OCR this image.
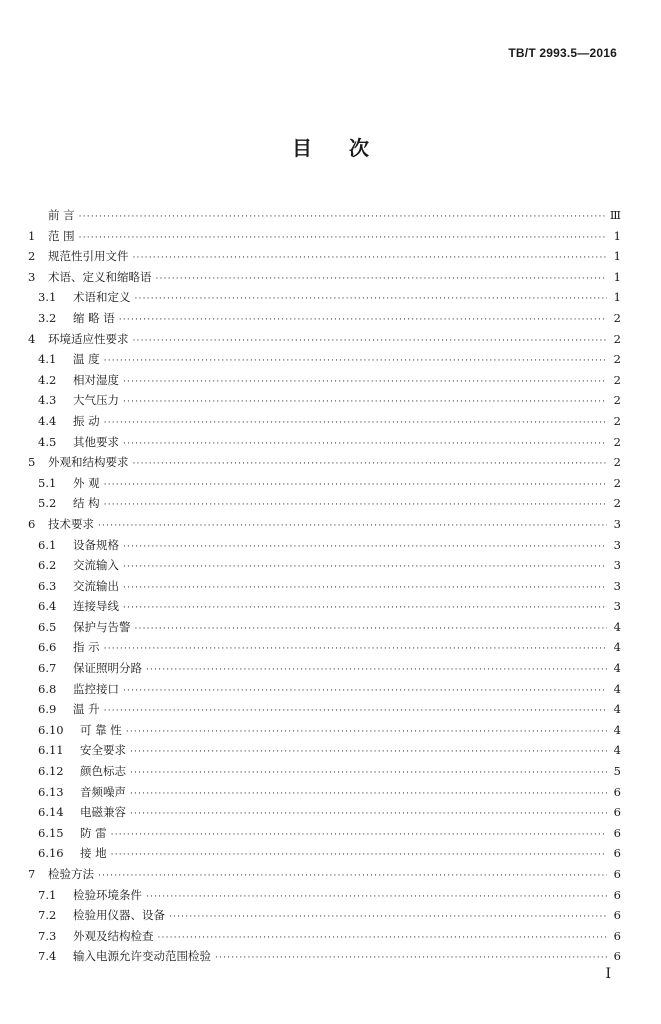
TB/T 2993.5—2016
目 次
前 言 ·····	Ⅲ
1	范 围 ·····	1
2	规范性引用文件 ·····	1
3	术语、定义和缩略语 ·····	1
3.1	术语和定义 ·····	1
3.2	缩 略 语 ·····	2
4	环境适应性要求 ·····	2
4.1	温 度 ·····	2
4.2	相对湿度 ·····	2
4.3	大气压力 ·····	2
4.4	振 动 ·····	2
4.5	其他要求 ·····	2
5	外观和结构要求 ·····	2
5.1	外 观 ·····	2
5.2	结 构 ·····	2
6	技术要求 ·····	3
6.1	设备规格 ·····	3
6.2	交流输入 ·····	3
6.3	交流输出 ·····	3
6.4	连接导线 ·····	3
6.5	保护与告警 ·····	4
6.6	指 示 ·····	4
6.7	保证照明分路 ·····	4
6.8	监控接口 ·····	4
6.9	温 升 ·····	4
6.10	可 靠 性 ·····	4
6.11	安全要求 ·····	4
6.12	颜色标志 ·····	5
6.13	音频噪声 ·····	6
6.14	电磁兼容 ·····	6
6.15	防 雷 ·····	6
6.16	接 地 ·····	6
7	检验方法 ·····	6
7.1	检验环境条件 ·····	6
7.2	检验用仪器、设备 ·····	6
7.3	外观及结构检查 ·····	6
7.4	输入电源允许变动范围检验 ·····	6
I
